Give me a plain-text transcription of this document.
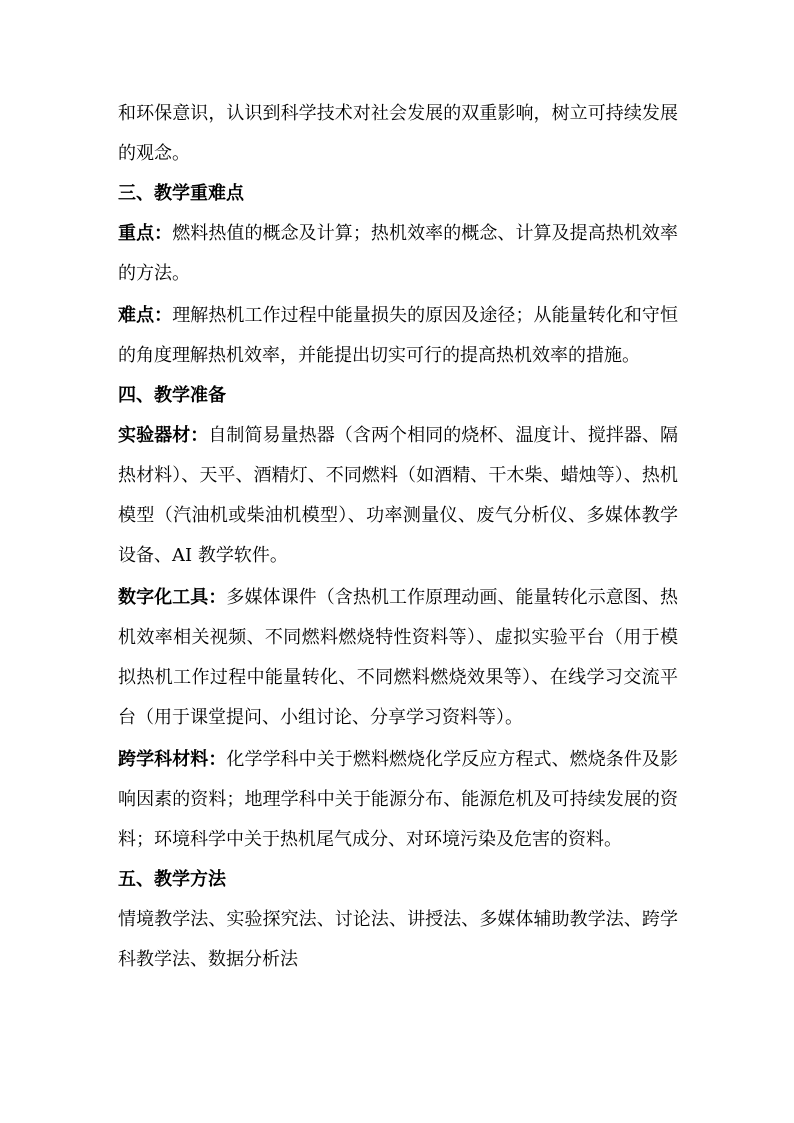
和环保意识，认识到科学技术对社会发展的双重影响，树立可持续发展的观念。

三、教学重难点

重点：燃料热值的概念及计算；热机效率的概念、计算及提高热机效率的方法。

难点：理解热机工作过程中能量损失的原因及途径；从能量转化和守恒的角度理解热机效率，并能提出切实可行的提高热机效率的措施。

四、教学准备

实验器材：自制简易量热器（含两个相同的烧杯、温度计、搅拌器、隔热材料）、天平、酒精灯、不同燃料（如酒精、干木柴、蜡烛等）、热机模型（汽油机或柴油机模型）、功率测量仪、废气分析仪、多媒体教学设备、AI 教学软件。

数字化工具：多媒体课件（含热机工作原理动画、能量转化示意图、热机效率相关视频、不同燃料燃烧特性资料等）、虚拟实验平台（用于模拟热机工作过程中能量转化、不同燃料燃烧效果等）、在线学习交流平台（用于课堂提问、小组讨论、分享学习资料等）。

跨学科材料：化学学科中关于燃料燃烧化学反应方程式、燃烧条件及影响因素的资料；地理学科中关于能源分布、能源危机及可持续发展的资料；环境科学中关于热机尾气成分、对环境污染及危害的资料。

五、教学方法

情境教学法、实验探究法、讨论法、讲授法、多媒体辅助教学法、跨学科教学法、数据分析法
